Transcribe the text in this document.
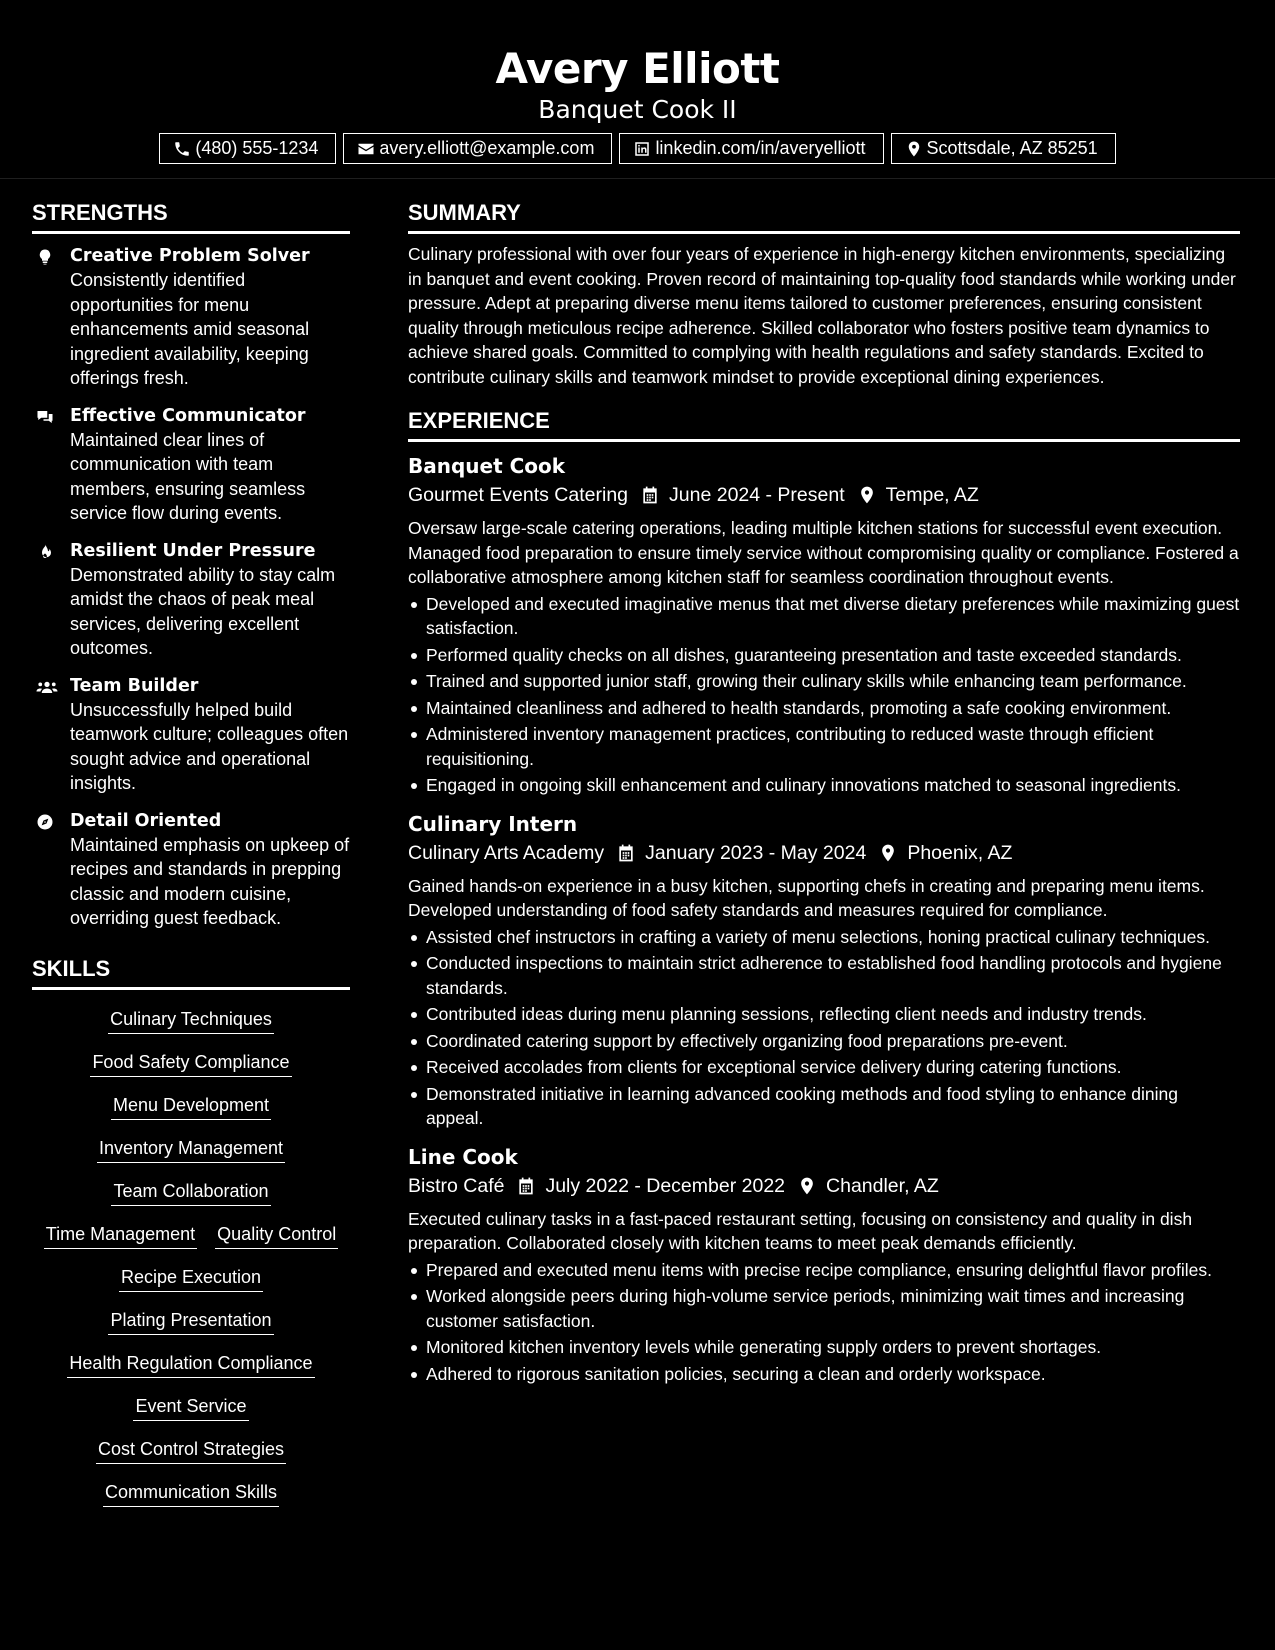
Avery Elliott
Banquet Cook II
(480) 555-1234	avery.elliott@example.com	linkedin.com/in/averyelliott	Scottsdale, AZ 85251
STRENGTHS
Creative Problem Solver
Consistently identified opportunities for menu enhancements amid seasonal ingredient availability, keeping offerings fresh.
Effective Communicator
Maintained clear lines of communication with team members, ensuring seamless service flow during events.
Resilient Under Pressure
Demonstrated ability to stay calm amidst the chaos of peak meal services, delivering excellent outcomes.
Team Builder
Unsuccessfully helped build teamwork culture; colleagues often sought advice and operational insights.
Detail Oriented
Maintained emphasis on upkeep of recipes and standards in prepping classic and modern cuisine, overriding guest feedback.
SKILLS
Culinary Techniques
Food Safety Compliance
Menu Development
Inventory Management
Team Collaboration
Time Management Quality Control
Recipe Execution
Plating Presentation
Health Regulation Compliance
Event Service
Cost Control Strategies
Communication Skills
SUMMARY

Culinary professional with over four years of experience in high-energy kitchen environments, specializing in banquet and event cooking. Proven record of maintaining top-quality food standards while working under pressure. Adept at preparing diverse menu items tailored to customer preferences, ensuring consistent quality through meticulous recipe adherence. Skilled collaborator who fosters positive team dynamics to achieve shared goals. Committed to complying with health regulations and safety standards. Excited to contribute culinary skills and teamwork mindset to provide exceptional dining experiences.

EXPERIENCE
Banquet Cook
Gourmet Events Catering June 2024 - Present Tempe, AZ

Oversaw large-scale catering operations, leading multiple kitchen stations for successful event execution. Managed food preparation to ensure timely service without compromising quality or compliance. Fostered a collaborative atmosphere among kitchen staff for seamless coordination throughout events.

Developed and executed imaginative menus that met diverse dietary preferences while maximizing guest satisfaction.
Performed quality checks on all dishes, guaranteeing presentation and taste exceeded standards.
Trained and supported junior staff, growing their culinary skills while enhancing team performance.
Maintained cleanliness and adhered to health standards, promoting a safe cooking environment.
Administered inventory management practices, contributing to reduced waste through efficient requisitioning.
Engaged in ongoing skill enhancement and culinary innovations matched to seasonal ingredients.
Culinary Intern
Culinary Arts Academy January 2023 - May 2024 Phoenix, AZ

Gained hands-on experience in a busy kitchen, supporting chefs in creating and preparing menu items. Developed understanding of food safety standards and measures required for compliance.

Assisted chef instructors in crafting a variety of menu selections, honing practical culinary techniques.
Conducted inspections to maintain strict adherence to established food handling protocols and hygiene standards.
Contributed ideas during menu planning sessions, reflecting client needs and industry trends.
Coordinated catering support by effectively organizing food preparations pre-event.
Received accolades from clients for exceptional service delivery during catering functions.
Demonstrated initiative in learning advanced cooking methods and food styling to enhance dining appeal.
Line Cook
Bistro Café July 2022 - December 2022 Chandler, AZ

Executed culinary tasks in a fast-paced restaurant setting, focusing on consistency and quality in dish preparation. Collaborated closely with kitchen teams to meet peak demands efficiently.

Prepared and executed menu items with precise recipe compliance, ensuring delightful flavor profiles.
Worked alongside peers during high-volume service periods, minimizing wait times and increasing customer satisfaction.
Monitored kitchen inventory levels while generating supply orders to prevent shortages.
Adhered to rigorous sanitation policies, securing a clean and orderly workspace.
